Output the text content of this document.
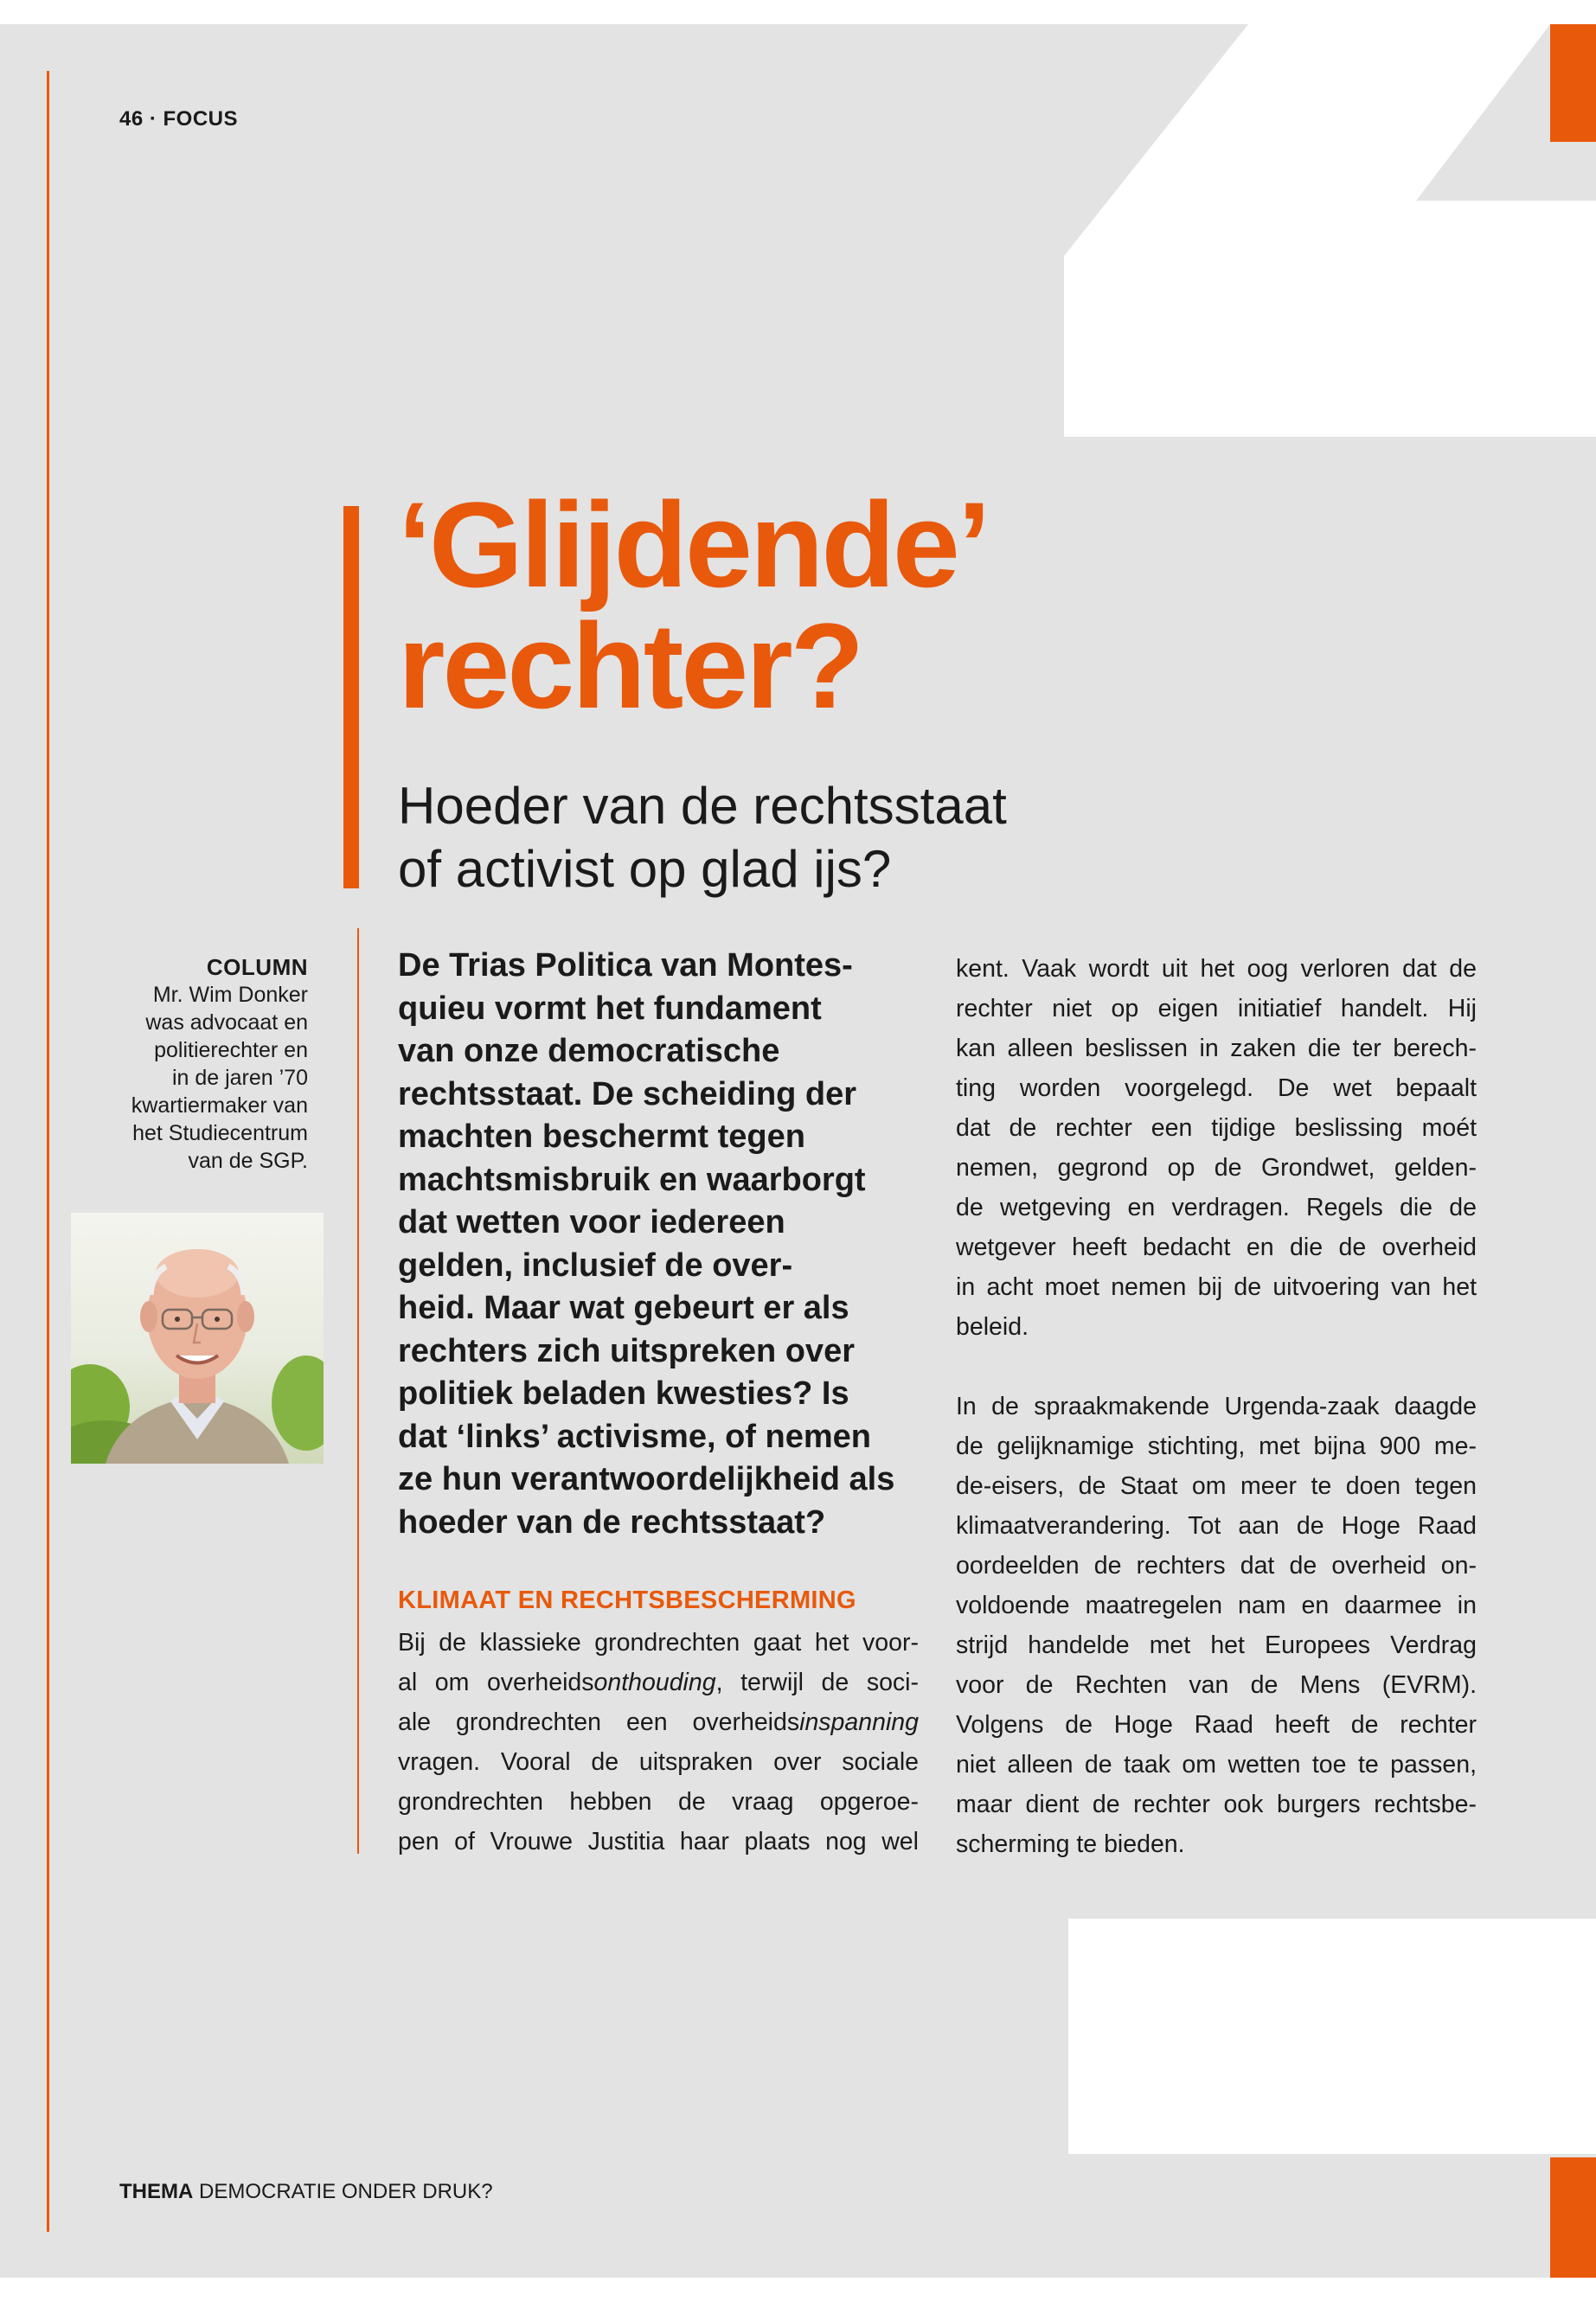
46 · FOCUS
‘Glijdende’
rechter?
Hoeder van de rechtsstaat
of activist op glad ijs?
COLUMN
Mr. Wim Donker
was advocaat en
politierechter en
in de jaren ’70
kwartiermaker van
het Studiecentrum
van de SGP.
De Trias Politica van Montes-
quieu vormt het fundament
van onze democratische
rechtsstaat. De scheiding der
machten beschermt tegen
machtsmisbruik en waarborgt
dat wetten voor iedereen
gelden, inclusief de over-
heid. Maar wat gebeurt er als
rechters zich uitspreken over
politiek beladen kwesties? Is
dat ‘links’ activisme, of nemen
ze hun verantwoordelijkheid als
hoeder van de rechtsstaat?
KLIMAAT EN RECHTSBESCHERMING
Bij de klassieke grondrechten gaat het voor-
al om overheidsonthouding, terwijl de soci-
ale grondrechten een overheidsinspanning
vragen. Vooral de uitspraken over sociale
grondrechten hebben de vraag opgeroe-
pen of Vrouwe Justitia haar plaats nog wel
kent. Vaak wordt uit het oog verloren dat de
rechter niet op eigen initiatief handelt. Hij
kan alleen beslissen in zaken die ter berech-
ting worden voorgelegd. De wet bepaalt
dat de rechter een tijdige beslissing moét
nemen, gegrond op de Grondwet, gelden-
de wetgeving en verdragen. Regels die de
wetgever heeft bedacht en die de overheid
in acht moet nemen bij de uitvoering van het
beleid.
In de spraakmakende Urgenda-zaak daagde
de gelijknamige stichting, met bijna 900 me-
de-eisers, de Staat om meer te doen tegen
klimaatverandering. Tot aan de Hoge Raad
oordeelden de rechters dat de overheid on-
voldoende maatregelen nam en daarmee in
strijd handelde met het Europees Verdrag
voor de Rechten van de Mens (EVRM).
Volgens de Hoge Raad heeft de rechter
niet alleen de taak om wetten toe te passen,
maar dient de rechter ook burgers rechtsbe-
scherming te bieden.
THEMA DEMOCRATIE ONDER DRUK?
